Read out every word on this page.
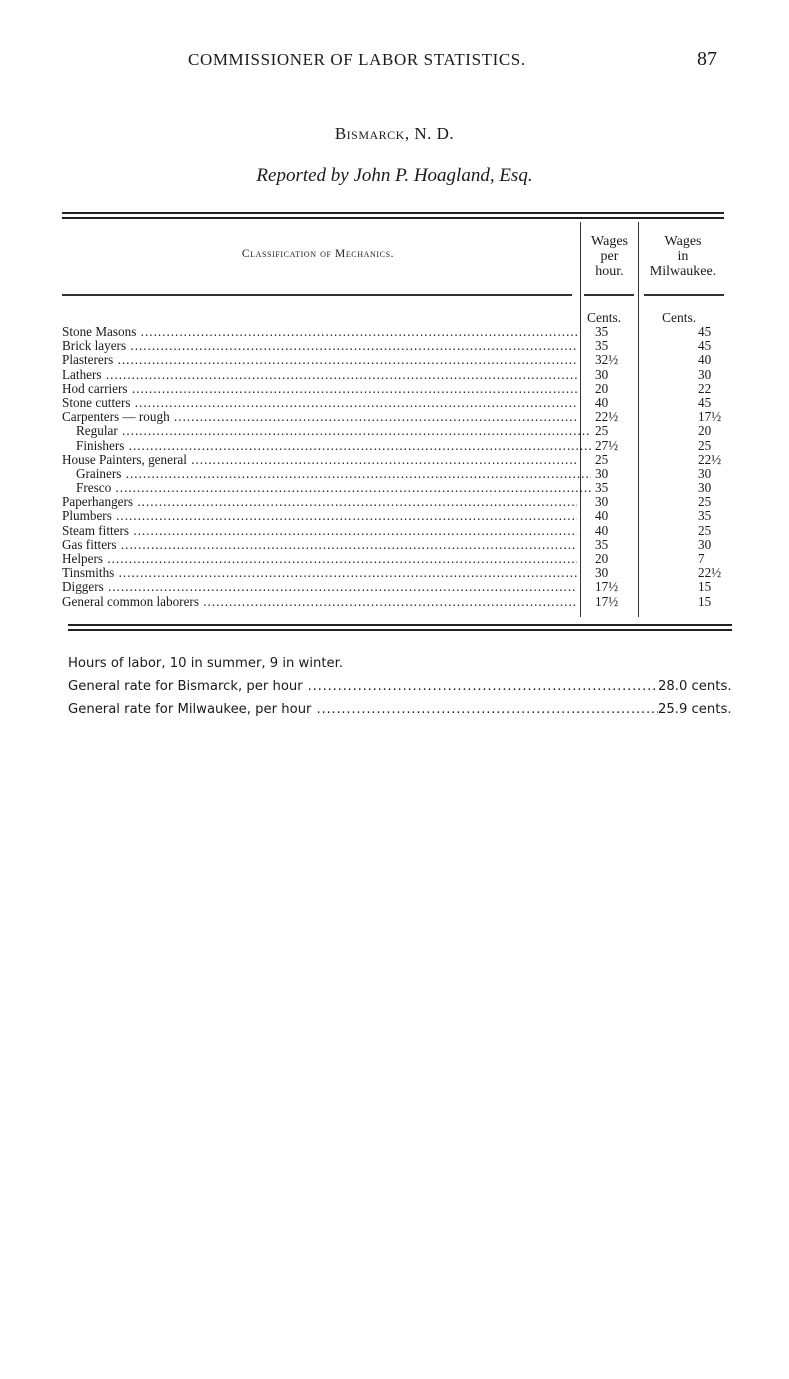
COMMISSIONER OF LABOR STATISTICS.	87
Bismarck, N. D.
Reported by John P. Hoagland, Esq.
Classification of Mechanics.
Wages
per
hour.
Wages
in
Milwaukee.
Cents.	Cents.
Stone Masons .....	35	45
Brick layers .....	35	45
Plasterers .....	32½	40
Lathers .....	30	30
Hod carriers .....	20	22
Stone cutters .....	40	45
Carpenters — rough .....	22½	17½
Regular .....	25	20
Finishers .....	27½	25
House Painters, general .....	25	22½
Grainers .....	30	30
Fresco .....	35	30
Paperhangers .....	30	25
Plumbers .....	40	35
Steam fitters .....	40	25
Gas fitters .....	35	30
Helpers .....	20	7
Tinsmiths .....	30	22½
Diggers .....	17½	15
General common laborers .....	17½	15
Hours of labor, 10 in summer, 9 in winter.
General rate for Bismarck, per hour .....	28.0 cents.
General rate for Milwaukee, per hour .....	25.9 cents.
